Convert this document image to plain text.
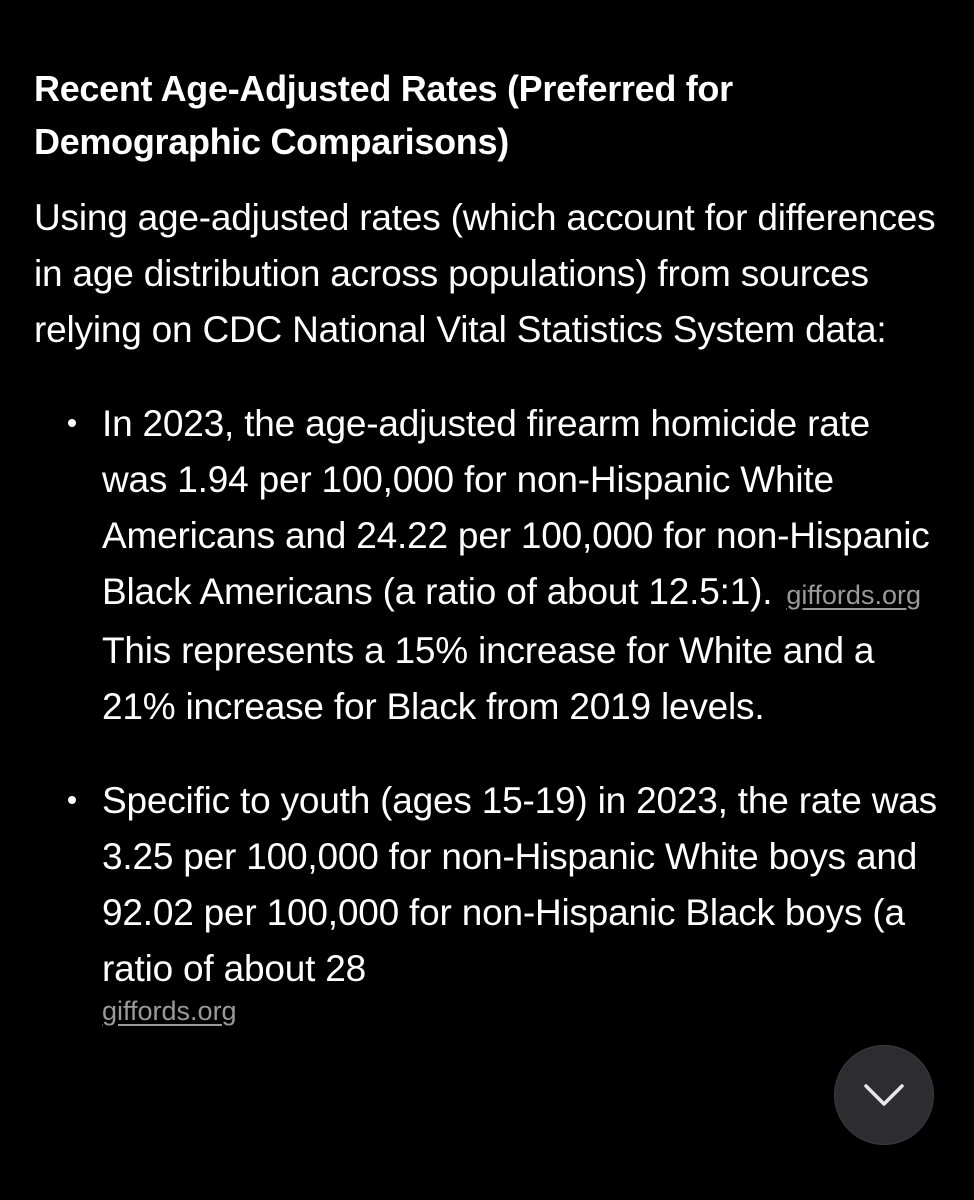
Recent Age-Adjusted Rates (Preferred for Demographic Comparisons)

Using age-adjusted rates (which account for differences in age distribution across populations) from sources relying on CDC National Vital Statistics System data:

In 2023, the age-adjusted firearm homicide rate was 1.94 per 100,000 for non-Hispanic White Americans and 24.22 per 100,000 for non-Hispanic Black Americans (a ratio of about 12.5:1). giffords.org This represents a 15% increase for White and a 21% increase for Black from 2019 levels.
Specific to youth (ages 15-19) in 2023, the rate was 3.25 per 100,000 for non-Hispanic White boys and 92.02 per 100,000 for non-Hispanic Black boys (a ratio of about 28
giffords.org
